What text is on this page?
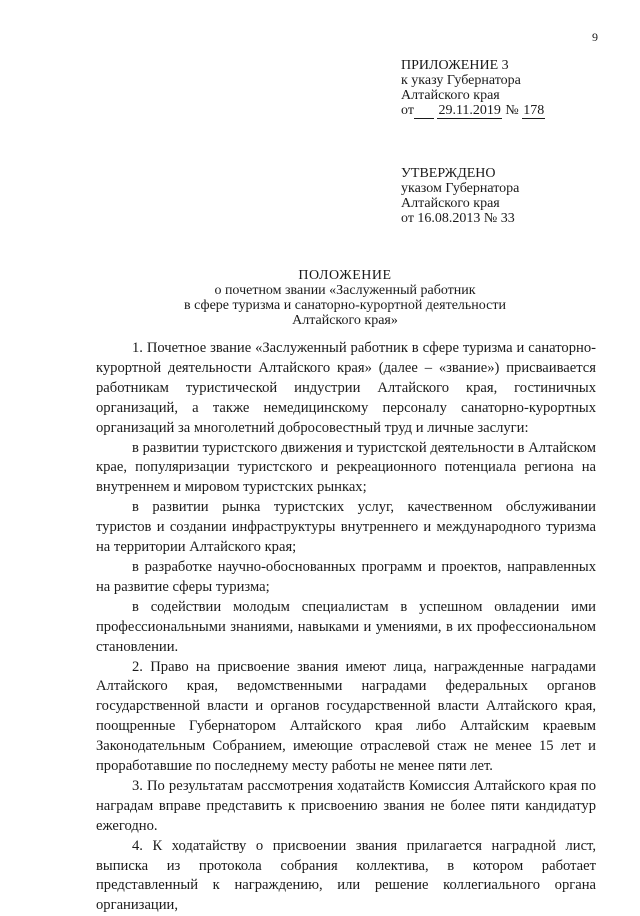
9
ПРИЛОЖЕНИЕ 3
к указу Губернатора
Алтайского края
от 29.11.2019 № 178
УТВЕРЖДЕНО
указом Губернатора
Алтайского края
от 16.08.2013 № 33
ПОЛОЖЕНИЕ
о почетном звании «Заслуженный работник
в сфере туризма и санаторно-курортной деятельности
Алтайского края»

1. Почетное звание «Заслуженный работник в сфере туризма и санаторно-курортной деятельности Алтайского края» (далее – «звание») присваивается работникам туристической индустрии Алтайского края, гостиничных организаций, а также немедицинскому персоналу санаторно-курортных организаций за многолетний добросовестный труд и личные заслуги:

в развитии туристского движения и туристской деятельности в Алтайском крае, популяризации туристского и рекреационного потенциала региона на внутреннем и мировом туристских рынках;

в развитии рынка туристских услуг, качественном обслуживании туристов и создании инфраструктуры внутреннего и международного туризма на территории Алтайского края;

в разработке научно-обоснованных программ и проектов, направленных на развитие сферы туризма;

в содействии молодым специалистам в успешном овладении ими профессиональными знаниями, навыками и умениями, в их профессиональном становлении.

2. Право на присвоение звания имеют лица, награжденные наградами Алтайского края, ведомственными наградами федеральных органов государственной власти и органов государственной власти Алтайского края, поощренные Губернатором Алтайского края либо Алтайским краевым Законодательным Собранием, имеющие отраслевой стаж не менее 15 лет и проработавшие по последнему месту работы не менее пяти лет.

3. По результатам рассмотрения ходатайств Комиссия Алтайского края по наградам вправе представить к присвоению звания не более пяти кандидатур ежегодно.

4. К ходатайству о присвоении звания прилагается наградной лист, выписка из протокола собрания коллектива, в котором работает представленный к награждению, или решение коллегиального органа организации,
